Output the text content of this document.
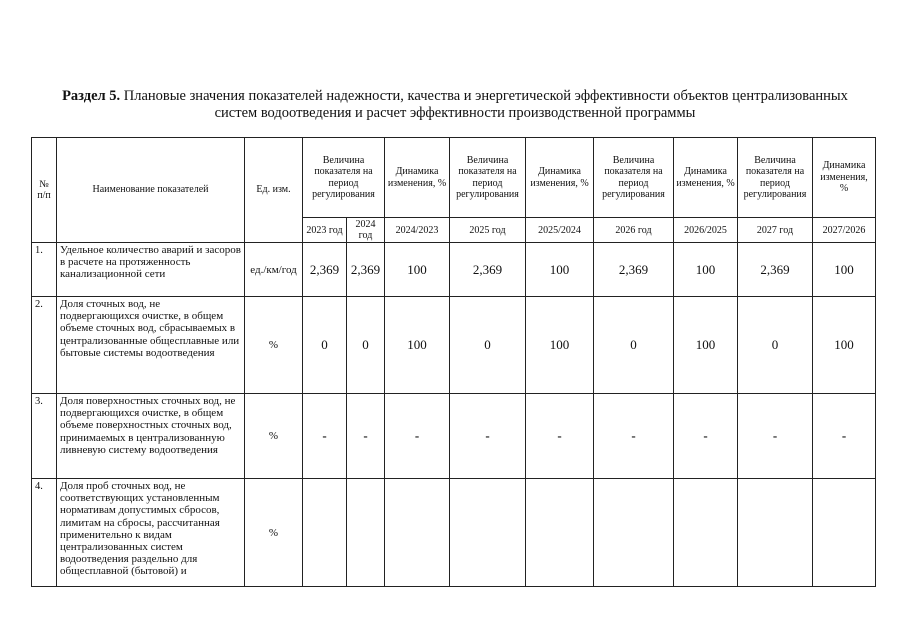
Раздел 5. Плановые значения показателей надежности, качества и энергетической эффективности объектов централизованных систем водоотведения и расчет эффективности производственной программы
№ п/п	Наименование показателей	Ед. изм.	Величина показателя на период регулирования		Динамика изменения, %	Величина показателя на период регулирования	Динамика изменения, %	Величина показателя на период регулирования	Динамика изменения, %	Величина показателя на период регулирования	Динамика изменения, %
			2023 год	2024 год	2024/2023	2025 год	2025/2024	2026 год	2026/2025	2027 год	2027/2026
1.	Удельное количество аварий и засоров в расчете на протяженность канализационной сети	ед./км/год	2,369	2,369	100	2,369	100	2,369	100	2,369	100
2.	Доля сточных вод, не подвергающихся очистке, в общем объеме сточных вод, сбрасываемых в централизованные общесплавные или бытовые системы водоотведения	%	0	0	100	0	100	0	100	0	100
3.	Доля поверхностных сточных вод, не подвергающихся очистке, в общем объеме поверхностных сточных вод, принимаемых в централизованную ливневую систему водоотведения	%	-	-	-	-	-	-	-	-	-
4.	Доля проб сточных вод, не соответствующих установленным нормативам допустимых сбросов, лимитам на сбросы, рассчитанная применительно к видам централизованных систем водоотведения раздельно для общесплавной (бытовой) и	%									
